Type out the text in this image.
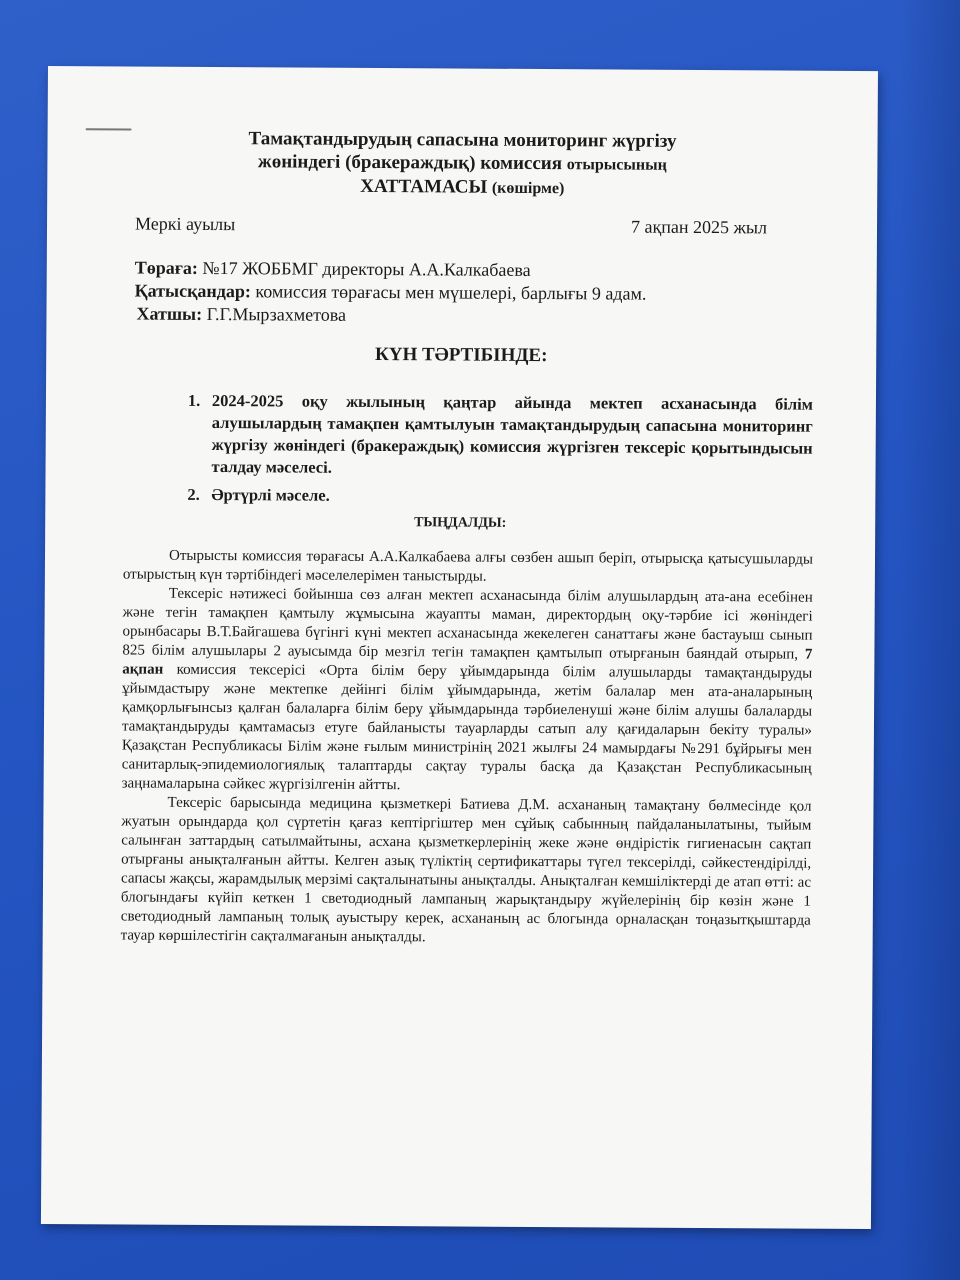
Тамақтандырудың сапасына мониторинг жүргізу
жөніндегі (бракераждық) комиссия отырысының
ХАТТАМАСЫ (көшірме)
Меркі ауылы	7 ақпан 2025 жыл
Төраға: №17 ЖОББМГ директоры А.А.Калкабаева
Қатысқандар: комиссия төрағасы мен мүшелері, барлығы 9 адам.
Хатшы: Г.Г.Мырзахметова
КҮН ТӘРТІБІНДЕ:
1. 2024-2025 оқу жылының қаңтар айында мектеп асханасында білім алушылардың тамақпен қамтылуын тамақтандырудың сапасына мониторинг жүргізу жөніндегі (бракераждық) комиссия жүргізген тексеріс қорытындысын талдау мәселесі.
2. Әртүрлі мәселе.
ТЫҢДАЛДЫ:

Отырысты комиссия төрағасы А.А.Калкабаева алғы сөзбен ашып беріп, отырысқа қатысушыларды отырыстың күн тәртібіндегі мәселелерімен таныстырды.

Тексеріс нәтижесі бойынша сөз алған мектеп асханасында білім алушылардың ата-ана есебінен және тегін тамақпен қамтылу жұмысына жауапты маман, директордың оқу-тәрбие ісі жөніндегі орынбасары В.Т.Байгашева бүгінгі күні мектеп асханасында жекелеген санаттағы және бастауыш сынып 825 білім алушылары 2 ауысымда бір мезгіл тегін тамақпен қамтылып отырғанын баяндай отырып, 7 ақпан комиссия тексерісі «Орта білім беру ұйымдарында білім алушыларды тамақтандыруды ұйымдастыру және мектепке дейінгі білім ұйымдарында, жетім балалар мен ата-аналарының қамқорлығынсыз қалған балаларға білім беру ұйымдарында тәрбиеленуші және білім алушы балаларды тамақтандыруды қамтамасыз етуге байланысты тауарларды сатып алу қағидаларын бекіту туралы» Қазақстан Республикасы Білім және ғылым министрінің 2021 жылғы 24 мамырдағы №291 бұйрығы мен санитарлық-эпидемиологиялық талаптарды сақтау туралы басқа да Қазақстан Республикасының заңнамаларына сәйкес жүргізілгенін айтты.

Тексеріс барысында медицина қызметкері Батиева Д.М. асхананың тамақтану бөлмесінде қол жуатын орындарда қол сүртетін қағаз кептіргіштер мен сұйық сабынның пайдаланылатыны, тыйым салынған заттардың сатылмайтыны, асхана қызметкерлерінің жеке және өндірістік гигиенасын сақтап отырғаны анықталғанын айтты. Келген азық түліктің сертификаттары түгел тексерілді, сәйкестендірілді, сапасы жақсы, жарамдылық мерзімі сақталынатыны анықталды. Анықталған кемшіліктерді де атап өтті: ас блогындағы күйіп кеткен 1 светодиодный лампаның жарықтандыру жүйелерінің бір көзін және 1 светодиодный лампаның толық ауыстыру керек, асхананың ас блогында орналасқан тоңазытқыштарда тауар көршілестігін сақталмағанын анықталды.
